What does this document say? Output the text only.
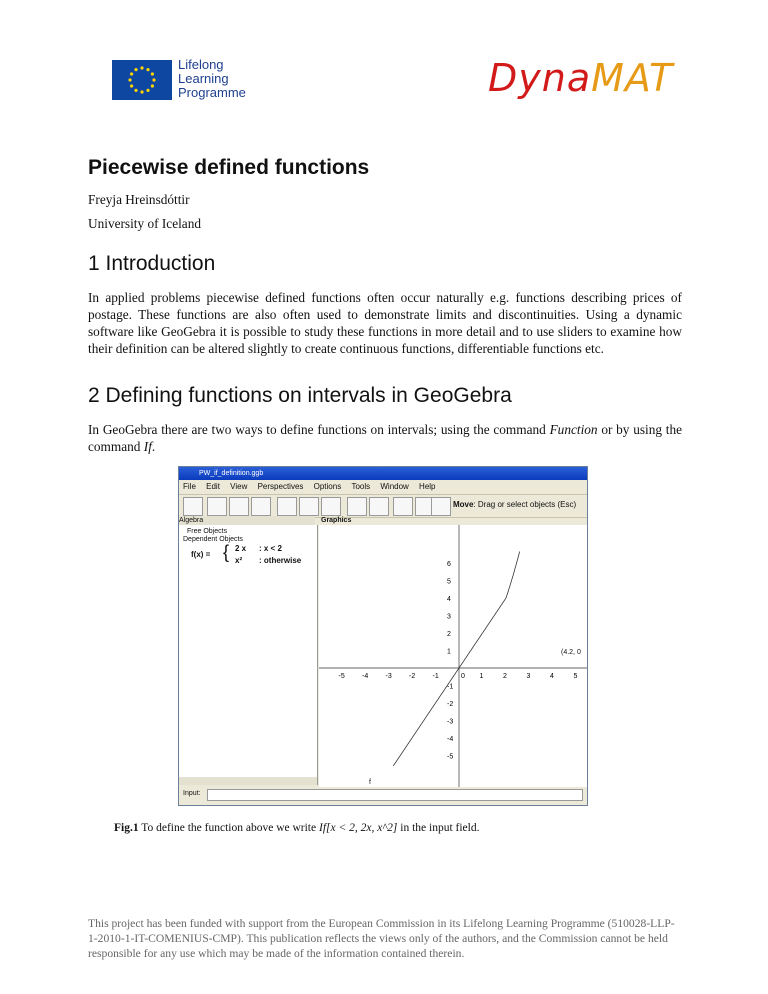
Lifelong
Learning
Programme	DynaMAT
Piecewise defined functions
Freyja Hreinsdóttir
University of Iceland
1 Introduction
In applied problems piecewise defined functions often occur naturally e.g. functions describing prices of postage. These functions are also often used to demonstrate limits and discontinuities. Using a dynamic software like GeoGebra it is possible to study these functions in more detail and to use sliders to examine how their definition can be altered slightly to create continuous functions, differentiable functions etc.
2 Defining functions on intervals in GeoGebra
In GeoGebra there are two ways to define functions on intervals; using the command Function or by using the command If.
PW_if_definition.ggb
File Edit View Perspectives Options Tools Window Help
Move: Drag or select objects (Esc)
Algebra	Graphics
Free Objects
Dependent Objects
f(x) = { 2 x : x < 2
x² : otherwise
-5 -4 -3 -2 -1	0 1	2	3	4	5
-5
-4
-3
-2
-1
1
2
3
4
5
6
(4.2, 0
f
Input:
Fig.1 To define the function above we write If[x < 2, 2x, x^2] in the input field.
This project has been funded with support from the European Commission in its Lifelong Learning Programme (510028-LLP-1-2010-1-IT-COMENIUS-CMP). This publication reflects the views only of the authors, and the Commission cannot be held responsible for any use which may be made of the information contained therein.
